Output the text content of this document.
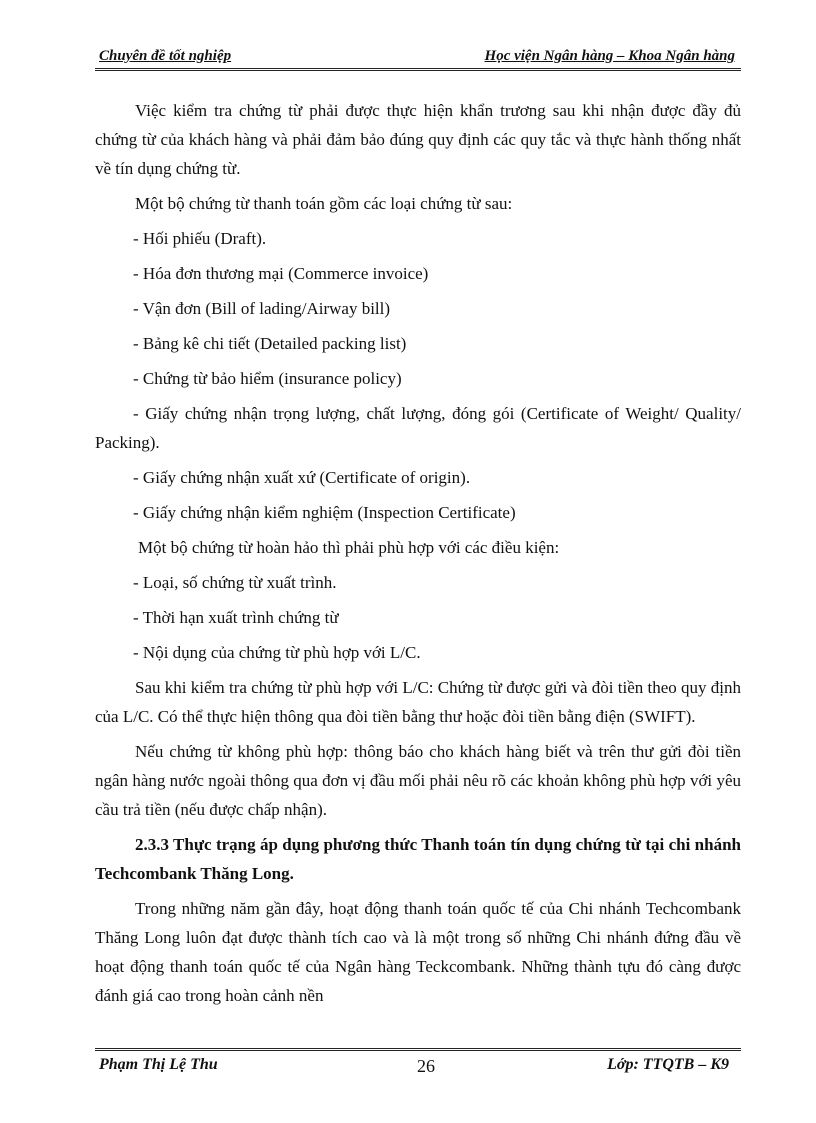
Chuyên đề tốt nghiệp	Học viện Ngân hàng – Khoa Ngân hàng

Việc kiểm tra chứng từ phải được thực hiện khẩn trương sau khi nhận được đầy đủ chứng từ của khách hàng và phải đảm bảo đúng quy định các quy tắc và thực hành thống nhất về tín dụng chứng từ.

Một bộ chứng từ thanh toán gồm các loại chứng từ sau:

- Hối phiếu (Draft).

- Hóa đơn thương mại (Commerce invoice)

- Vận đơn (Bill of lading/Airway bill)

- Bảng kê chi tiết (Detailed packing list)

- Chứng từ bảo hiểm (insurance policy)

- Giấy chứng nhận trọng lượng, chất lượng, đóng gói (Certificate of Weight/ Quality/ Packing).

- Giấy chứng nhận xuất xứ (Certificate of origin).

- Giấy chứng nhận kiểm nghiệm (Inspection Certificate)

Một bộ chứng từ hoàn hảo thì phải phù hợp với các điều kiện:

- Loại, số chứng từ xuất trình.

- Thời hạn xuất trình chứng từ

- Nội dụng của chứng từ phù hợp với L/C.

Sau khi kiểm tra chứng từ phù hợp với L/C: Chứng từ được gửi và đòi tiền theo quy định của L/C. Có thể thực hiện thông qua đòi tiền bằng thư hoặc đòi tiền bằng điện (SWIFT).

Nếu chứng từ không phù hợp: thông báo cho khách hàng biết và trên thư gửi đòi tiền ngân hàng nước ngoài thông qua đơn vị đầu mối phải nêu rõ các khoản không phù hợp với yêu cầu trả tiền (nếu được chấp nhận).

2.3.3 Thực trạng áp dụng phương thức Thanh toán tín dụng chứng từ tại chi nhánh Techcombank Thăng Long.

Trong những năm gần đây, hoạt động thanh toán quốc tế của Chi nhánh Techcombank Thăng Long luôn đạt được thành tích cao và là một trong số những Chi nhánh đứng đầu về hoạt động thanh toán quốc tế của Ngân hàng Teckcombank. Những thành tựu đó càng được đánh giá cao trong hoàn cảnh nền

Phạm Thị Lệ Thu	26	Lớp: TTQTB – K9
